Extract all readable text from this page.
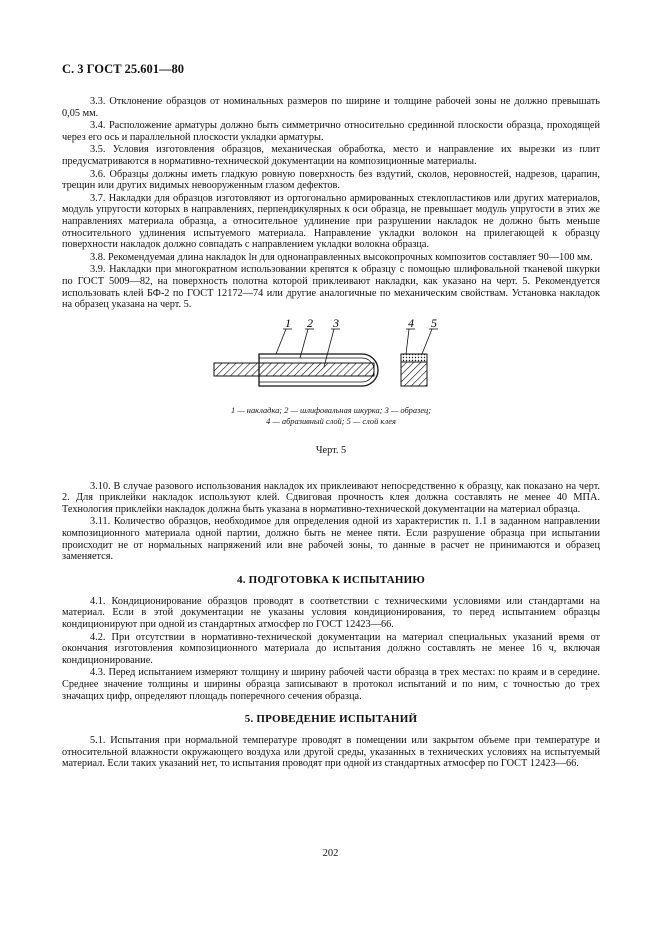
С. 3 ГОСТ 25.601—80

3.3. Отклонение образцов от номинальных размеров по ширине и толщине рабочей зоны не должно превышать 0,05 мм.

3.4. Расположение арматуры должно быть симметрично относительно срединной плоскости образца, проходящей через его ось и параллельной плоскости укладки арматуры.

3.5. Условия изготовления образцов, механическая обработка, место и направление их вырезки из плит предусматриваются в нормативно-технической документации на композиционные материалы.

3.6. Образцы должны иметь гладкую ровную поверхность без вздутий, сколов, неровностей, надрезов, царапин, трещин или других видимых невооруженным глазом дефектов.

3.7. Накладки для образцов изготовляют из ортогонально армированных стеклопластиков или других материалов, модуль упругости которых в направлениях, перпендикулярных к оси образца, не превышает модуль упругости в этих же направлениях материала образца, а относительное удлинение при разрушении накладок не должно быть меньше относительного удлинения испытуемого материала. Направление укладки волокон на прилегающей к образцу поверхности накладок должно совпадать с направлением укладки волокна образца.

3.8. Рекомендуемая длина накладок lн для однонаправленных высокопрочных композитов составляет 90—100 мм.

3.9. Накладки при многократном использовании крепятся к образцу с помощью шлифовальной тканевой шкурки по ГОСТ 5009—82, на поверхность полотна которой приклеивают накладки, как указано на черт. 5. Рекомендуется использовать клей БФ-2 по ГОСТ 12172—74 или другие аналогичные по механическим свойствам. Установка накладок на образец указана на черт. 5.

1 2 3	4 5
1 — накладка; 2 — шлифовальная шкурка; 3 — образец;
4 — абразивный слой; 5 — слой клея
Черт. 5

3.10. В случае разового использования накладок их приклеивают непосредственно к образцу, как показано на черт. 2. Для приклейки накладок используют клей. Сдвиговая прочность клея должна составлять не менее 40 МПА. Технология приклейки накладок должна быть указана в нормативно-технической документации на материал образца.

3.11. Количество образцов, необходимое для определения одной из характеристик п. 1.1 в заданном направлении композиционного материала одной партии, должно быть не менее пяти. Если разрушение образца при испытании происходит не от нормальных напряжений или вне рабочей зоны, то данные в расчет не принимаются и образец заменяется.

4. ПОДГОТОВКА К ИСПЫТАНИЮ

4.1. Кондиционирование образцов проводят в соответствии с техническими условиями или стандартами на материал. Если в этой документации не указаны условия кондиционирования, то перед испытанием образцы кондиционируют при одной из стандартных атмосфер по ГОСТ 12423—66.

4.2. При отсутствии в нормативно-технической документации на материал специальных указаний время от окончания изготовления композиционного материала до испытания должно составлять не менее 16 ч, включая кондиционирование.

4.3. Перед испытанием измеряют толщину и ширину рабочей части образца в трех местах: по краям и в середине. Среднее значение толщины и ширины образца записывают в протокол испытаний и по ним, с точностью до трех значащих цифр, определяют площадь поперечного сечения образца.

5. ПРОВЕДЕНИЕ ИСПЫТАНИЙ

5.1. Испытания при нормальной температуре проводят в помещении или закрытом объеме при температуре и относительной влажности окружающего воздуха или другой среды, указанных в технических условиях на испытуемый материал. Если таких указаний нет, то испытания проводят при одной из стандартных атмосфер по ГОСТ 12423—66.

202
